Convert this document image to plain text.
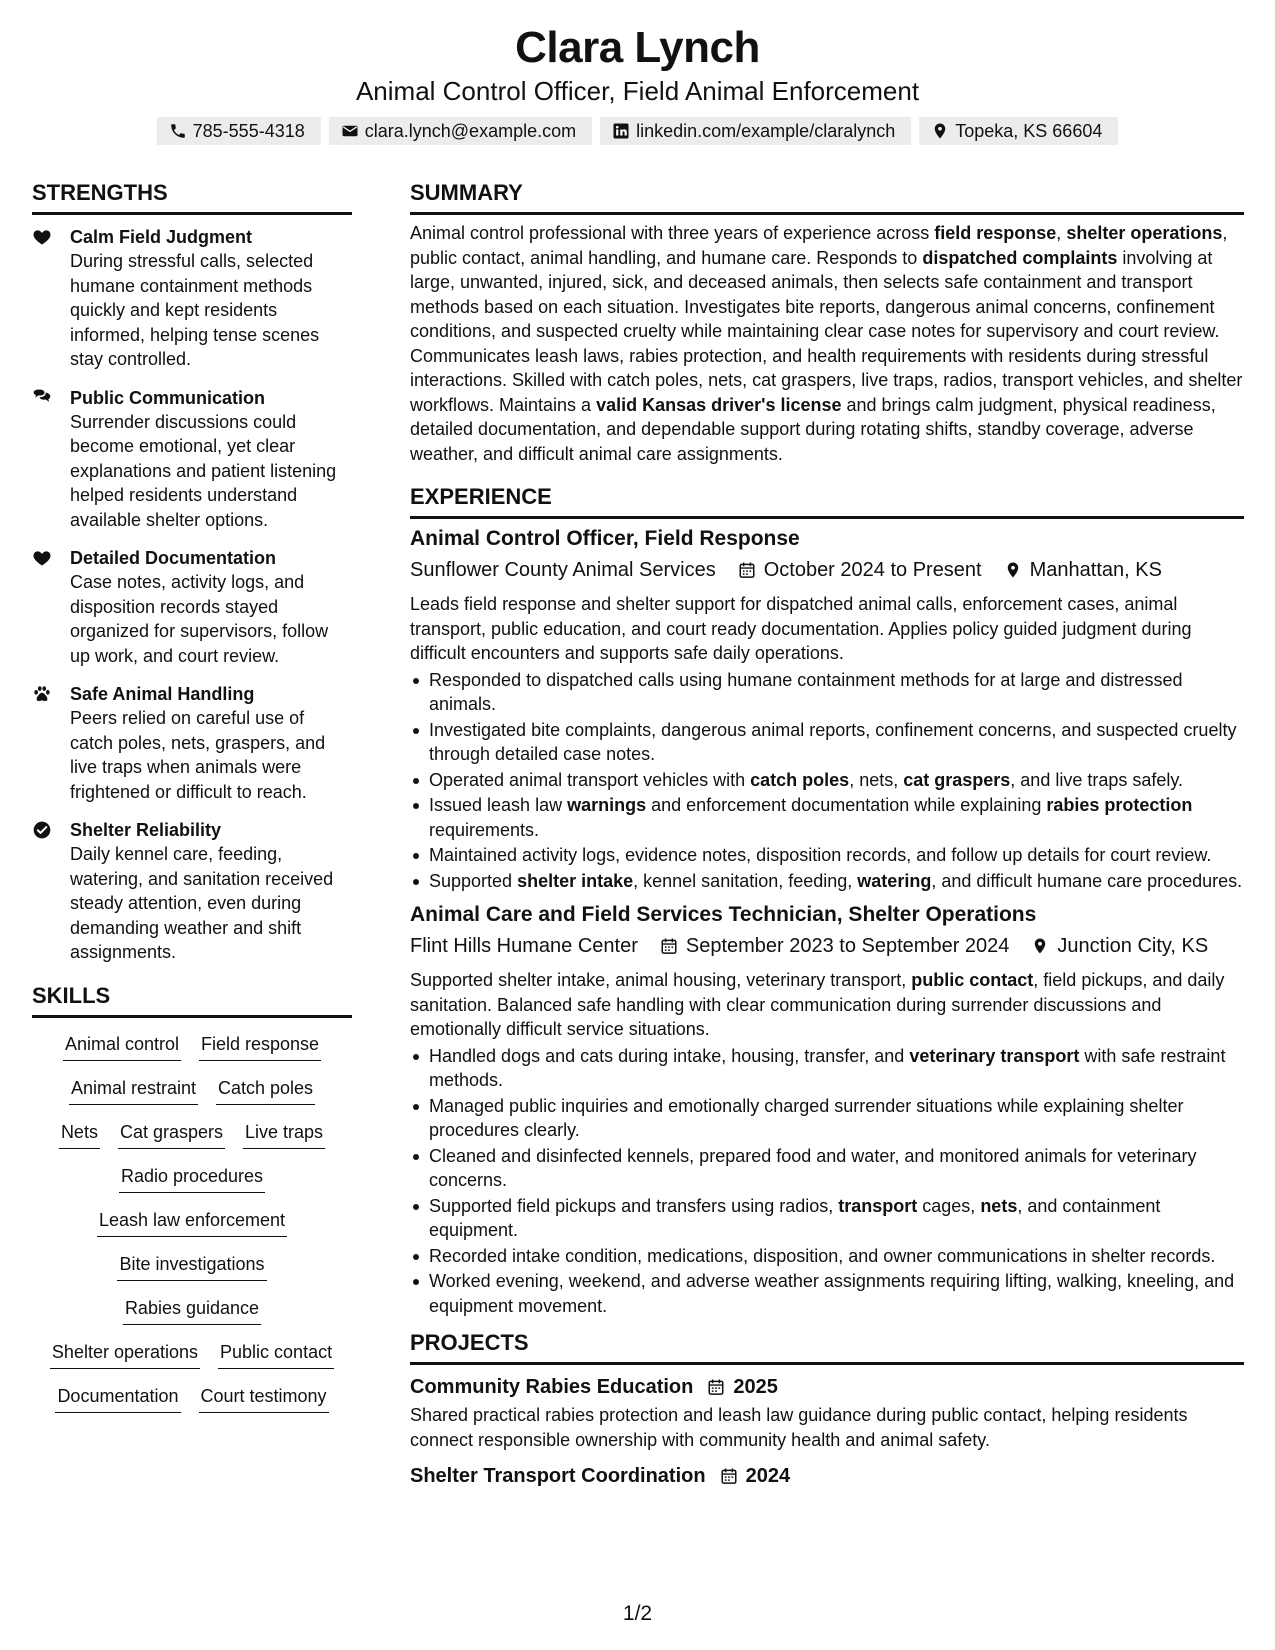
Clara Lynch
Animal Control Officer, Field Animal Enforcement
785-555-4318	clara.lynch@example.com	linkedin.com/example/claralynch	Topeka, KS 66604
STRENGTHS
Calm Field Judgment
During stressful calls, selected humane containment methods quickly and kept residents informed, helping tense scenes stay controlled.
Public Communication
Surrender discussions could become emotional, yet clear explanations and patient listening helped residents understand available shelter options.
Detailed Documentation
Case notes, activity logs, and disposition records stayed organized for supervisors, follow up work, and court review.
Safe Animal Handling
Peers relied on careful use of catch poles, nets, graspers, and live traps when animals were frightened or difficult to reach.
Shelter Reliability
Daily kennel care, feeding, watering, and sanitation received steady attention, even during demanding weather and shift assignments.
SKILLS
Animal control Field response
Animal restraint Catch poles
Nets Cat graspers Live traps
Radio procedures
Leash law enforcement
Bite investigations
Rabies guidance
Shelter operations Public contact
Documentation Court testimony
SUMMARY
Animal control professional with three years of experience across field response, shelter operations, public contact, animal handling, and humane care. Responds to dispatched complaints involving at large, unwanted, injured, sick, and deceased animals, then selects safe containment and transport methods based on each situation. Investigates bite reports, dangerous animal concerns, confinement conditions, and suspected cruelty while maintaining clear case notes for supervisory and court review. Communicates leash laws, rabies protection, and health requirements with residents during stressful interactions. Skilled with catch poles, nets, cat graspers, live traps, radios, transport vehicles, and shelter workflows. Maintains a valid Kansas driver's license and brings calm judgment, physical readiness, detailed documentation, and dependable support during rotating shifts, standby coverage, adverse weather, and difficult animal care assignments.
EXPERIENCE
Animal Control Officer, Field Response
Sunflower County Animal Services October 2024 to Present Manhattan, KS
Leads field response and shelter support for dispatched animal calls, enforcement cases, animal transport, public education, and court ready documentation. Applies policy guided judgment during difficult encounters and supports safe daily operations.
Responded to dispatched calls using humane containment methods for at large and distressed animals.
Investigated bite complaints, dangerous animal reports, confinement concerns, and suspected cruelty through detailed case notes.
Operated animal transport vehicles with catch poles, nets, cat graspers, and live traps safely.
Issued leash law warnings and enforcement documentation while explaining rabies protection requirements.
Maintained activity logs, evidence notes, disposition records, and follow up details for court review.
Supported shelter intake, kennel sanitation, feeding, watering, and difficult humane care procedures.
Animal Care and Field Services Technician, Shelter Operations
Flint Hills Humane Center September 2023 to September 2024 Junction City, KS
Supported shelter intake, animal housing, veterinary transport, public contact, field pickups, and daily sanitation. Balanced safe handling with clear communication during surrender discussions and emotionally difficult service situations.
Handled dogs and cats during intake, housing, transfer, and veterinary transport with safe restraint methods.
Managed public inquiries and emotionally charged surrender situations while explaining shelter procedures clearly.
Cleaned and disinfected kennels, prepared food and water, and monitored animals for veterinary concerns.
Supported field pickups and transfers using radios, transport cages, nets, and containment equipment.
Recorded intake condition, medications, disposition, and owner communications in shelter records.
Worked evening, weekend, and adverse weather assignments requiring lifting, walking, kneeling, and equipment movement.
PROJECTS
Community Rabies Education 2025
Shared practical rabies protection and leash law guidance during public contact, helping residents connect responsible ownership with community health and animal safety.
Shelter Transport Coordination 2024
1/2
